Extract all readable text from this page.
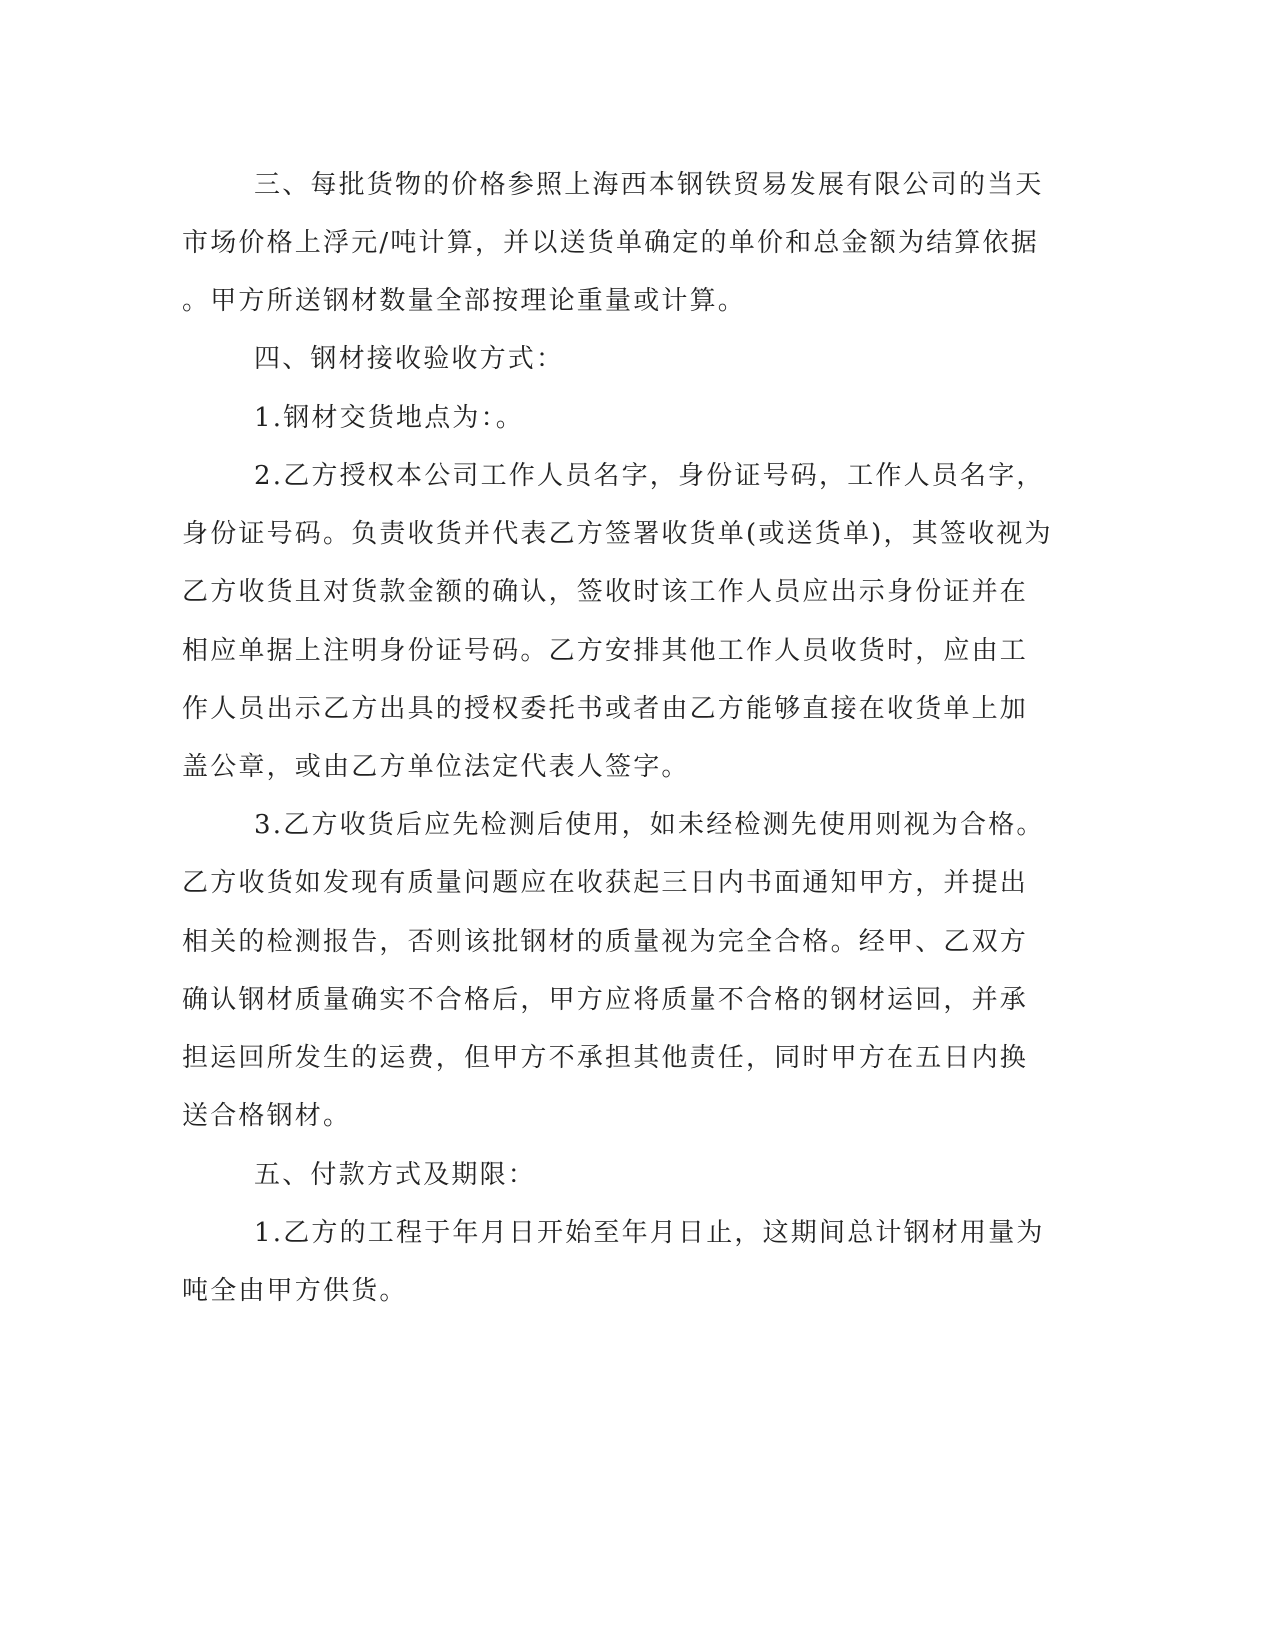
三、每批货物的价格参照上海西本钢铁贸易发展有限公司的当天

市场价格上浮元/吨计算，并以送货单确定的单价和总金额为结算依据

。甲方所送钢材数量全部按理论重量或计算。

四、钢材接收验收方式：

1.钢材交货地点为：。

2.乙方授权本公司工作人员名字，身份证号码，工作人员名字，

身份证号码。负责收货并代表乙方签署收货单(或送货单)，其签收视为

乙方收货且对货款金额的确认，签收时该工作人员应出示身份证并在

相应单据上注明身份证号码。乙方安排其他工作人员收货时，应由工

作人员出示乙方出具的授权委托书或者由乙方能够直接在收货单上加

盖公章，或由乙方单位法定代表人签字。

3.乙方收货后应先检测后使用，如未经检测先使用则视为合格。

乙方收货如发现有质量问题应在收获起三日内书面通知甲方，并提出

相关的检测报告，否则该批钢材的质量视为完全合格。经甲、乙双方

确认钢材质量确实不合格后，甲方应将质量不合格的钢材运回，并承

担运回所发生的运费，但甲方不承担其他责任，同时甲方在五日内换

送合格钢材。

五、付款方式及期限：

1.乙方的工程于年月日开始至年月日止，这期间总计钢材用量为

吨全由甲方供货。
